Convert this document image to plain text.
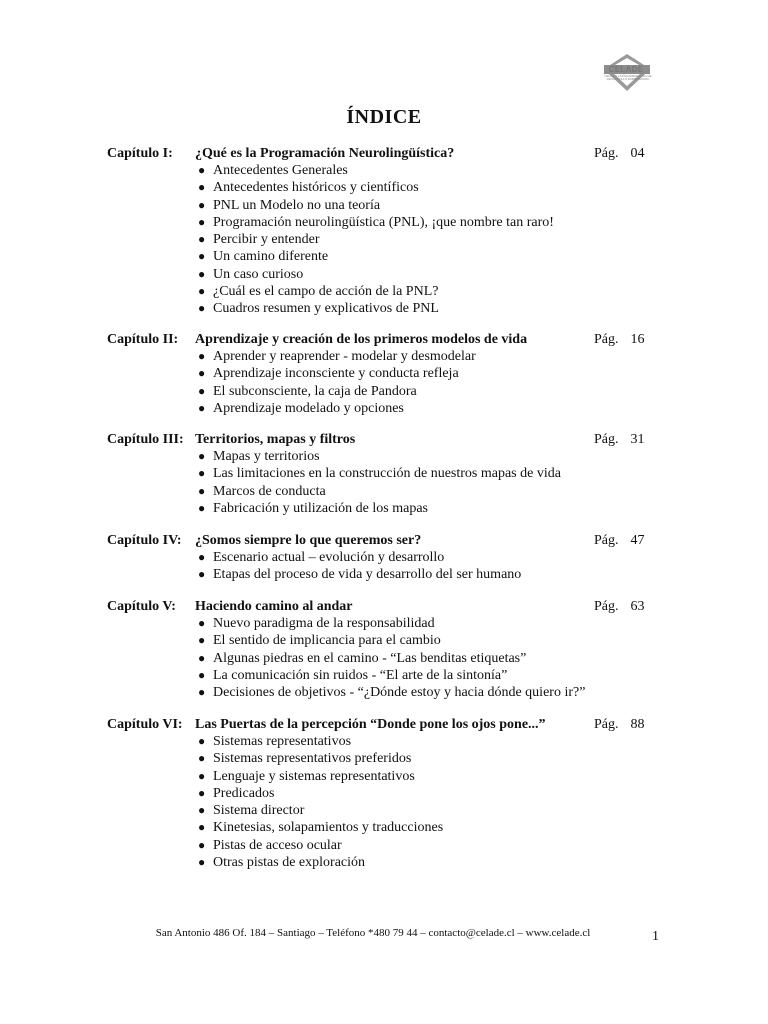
CELADE
CENTRO LATINOAMERICANO DE DESARROLLO EMPRESARIAL
ÍNDICE
Capítulo I: ¿Qué es la Programación Neurolingüística?	Pág. 04
● Antecedentes Generales
● Antecedentes históricos y científicos
● PNL un Modelo no una teoría
● Programación neurolingüística (PNL), ¡que nombre tan raro!
● Percibir y entender
● Un camino diferente
● Un caso curioso
● ¿Cuál es el campo de acción de la PNL?
● Cuadros resumen y explicativos de PNL
Capítulo II: Aprendizaje y creación de los primeros modelos de vida	Pág. 16
● Aprender y reaprender - modelar y desmodelar
● Aprendizaje inconsciente y conducta refleja
● El subconsciente, la caja de Pandora
● Aprendizaje modelado y opciones
Capítulo III: Territorios, mapas y filtros	Pág. 31
● Mapas y territorios
● Las limitaciones en la construcción de nuestros mapas de vida
● Marcos de conducta
● Fabricación y utilización de los mapas
Capítulo IV: ¿Somos siempre lo que queremos ser?	Pág. 47
● Escenario actual – evolución y desarrollo
● Etapas del proceso de vida y desarrollo del ser humano
Capítulo V: Haciendo camino al andar	Pág. 63
● Nuevo paradigma de la responsabilidad
● El sentido de implicancia para el cambio
● Algunas piedras en el camino - “Las benditas etiquetas”
● La comunicación sin ruidos - “El arte de la sintonía”
● Decisiones de objetivos - “¿Dónde estoy y hacia dónde quiero ir?”
Capítulo VI: Las Puertas de la percepción “Donde pone los ojos pone...”	Pág. 88
● Sistemas representativos
● Sistemas representativos preferidos
● Lenguaje y sistemas representativos
● Predicados
● Sistema director
● Kinetesias, solapamientos y traducciones
● Pistas de acceso ocular
● Otras pistas de exploración
San Antonio 486 Of. 184 – Santiago – Teléfono *480 79 44 – contacto@celade.cl – www.celade.cl	1
